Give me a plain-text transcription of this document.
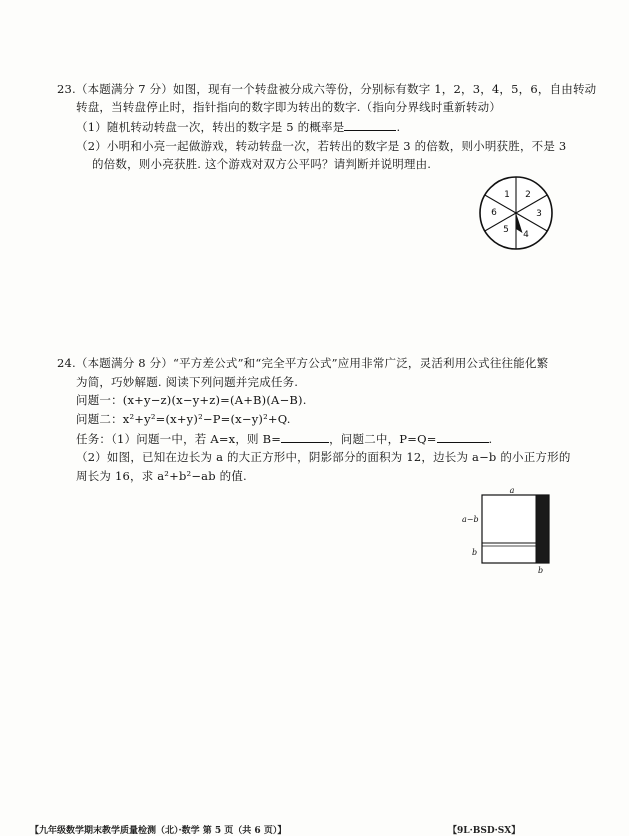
23.（本题满分 7 分）如图，现有一个转盘被分成六等份，分别标有数字 1，2，3，4，5，6，自由转动
转盘，当转盘停止时，指针指向的数字即为转出的数字.（指向分界线时重新转动）
（1）随机转动转盘一次，转出的数字是 5 的概率是	.
（2）小明和小亮一起做游戏，转动转盘一次，若转出的数字是 3 的倍数，则小明获胜，不是 3
的倍数，则小亮获胜. 这个游戏对双方公平吗？请判断并说明理由.
1 2
3
4
5
6
24.（本题满分 8 分）“平方差公式”和“完全平方公式”应用非常广泛，灵活利用公式往往能化繁
为简，巧妙解题. 阅读下列问题并完成任务.
问题一：(x+y−z)(x−y+z)=(A+B)(A−B).
问题二：x²+y²=(x+y)²−P=(x−y)²+Q.
任务：（1）问题一中，若 A=x，则 B=	，问题二中，P=Q=	.
（2）如图，已知在边长为 a 的大正方形中，阴影部分的面积为 12，边长为 a−b 的小正方形的
周长为 16，求 a²+b²−ab 的值.
a
a−b
b
b
【九年级数学期末教学质量检测（北）·数学 第 5 页（共 6 页）】	【9L·BSD·SX】
